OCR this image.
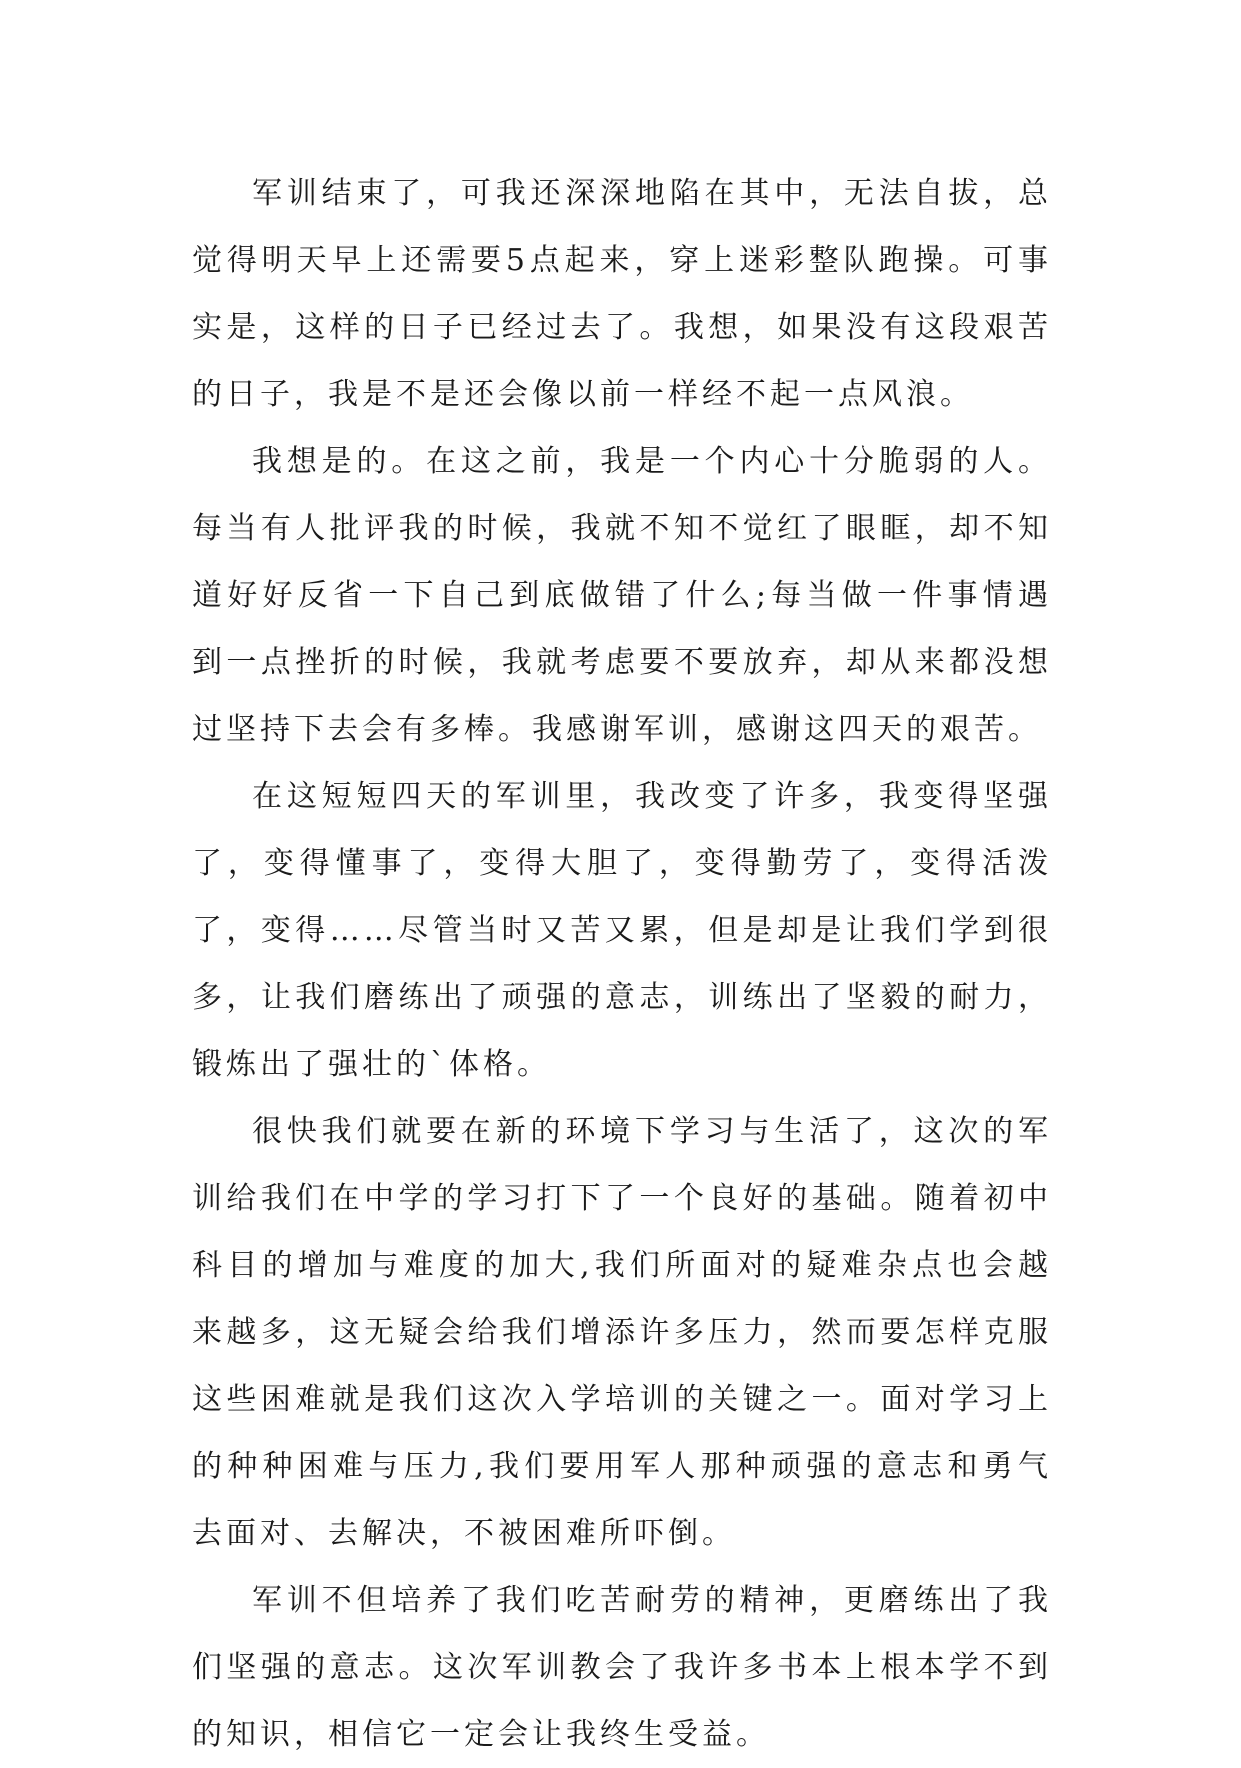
军训结束了，可我还深深地陷在其中，无法自拔，总觉得明天早上还需要5点起来，穿上迷彩整队跑操。可事实是，这样的日子已经过去了。我想，如果没有这段艰苦的日子，我是不是还会像以前一样经不起一点风浪。

我想是的。在这之前，我是一个内心十分脆弱的人。每当有人批评我的时候，我就不知不觉红了眼眶，却不知道好好反省一下自己到底做错了什么;每当做一件事情遇到一点挫折的时候，我就考虑要不要放弃，却从来都没想过坚持下去会有多棒。我感谢军训，感谢这四天的艰苦。

在这短短四天的军训里，我改变了许多，我变得坚强了，变得懂事了，变得大胆了，变得勤劳了，变得活泼了，变得……尽管当时又苦又累，但是却是让我们学到很多，让我们磨练出了顽强的意志，训练出了坚毅的耐力，锻炼出了强壮的`体格。

很快我们就要在新的环境下学习与生活了，这次的军训给我们在中学的学习打下了一个良好的基础。随着初中科目的增加与难度的加大,我们所面对的疑难杂点也会越来越多，这无疑会给我们增添许多压力，然而要怎样克服这些困难就是我们这次入学培训的关键之一。面对学习上的种种困难与压力,我们要用军人那种顽强的意志和勇气去面对、去解决，不被困难所吓倒。

军训不但培养了我们吃苦耐劳的精神，更磨练出了我们坚强的意志。这次军训教会了我许多书本上根本学不到的知识，相信它一定会让我终生受益。
